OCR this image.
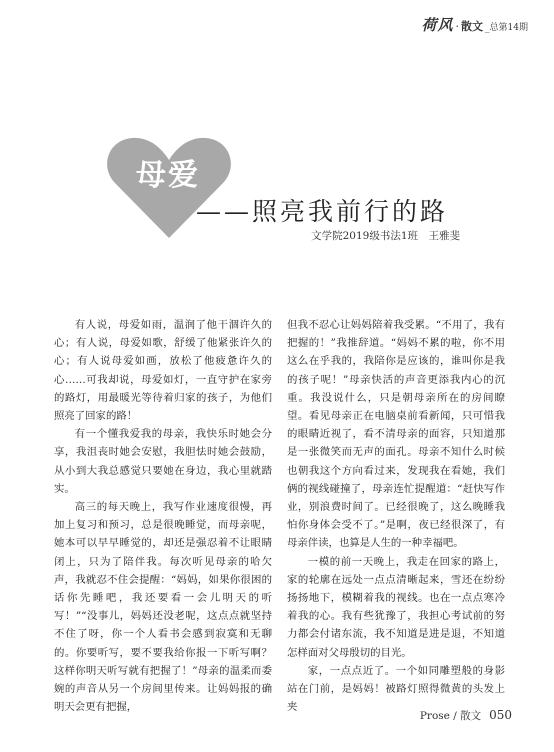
荷风 · 散文 _总第14期
母爱
——照亮我前行的路
文学院2019级书法1班　王雅斐

有人说，母爱如雨，温润了他干涸许久的心；有人说，母爱如歌，舒缓了他紧张许久的心；有人说母爱如画，放松了他疲惫许久的心……可我却说，母爱如灯，一直守护在家旁的路灯，用最暖光等待着归家的孩子，为他们照亮了回家的路！

有一个懂我爱我的母亲，我快乐时她会分享，我沮丧时她会安慰，我胆怯时她会鼓励，从小到大我总感觉只要她在身边，我心里就踏实。

高三的每天晚上，我写作业速度很慢，再加上复习和预习，总是很晚睡觉，而母亲呢，她本可以早早睡觉的，却还是强忍着不让眼睛闭上，只为了陪伴我。每次听见母亲的哈欠声，我就忍不住会提醒：“妈妈，如果你很困的话你先睡吧，我还要看一会儿明天的听写！”“没事儿，妈妈还没老呢，这点点就坚持不住了呀，你一个人看书会感到寂寞和无聊的。你要听写，要不要我给你报一下听写啊？这样你明天听写就有把握了！”母亲的温柔而委婉的声音从另一个房间里传来。让妈妈报的确明天会更有把握，

但我不忍心让妈妈陪着我受累。“不用了，我有把握的！”我推辞道。“妈妈不累的啦，你不用这么在乎我的，我陪你是应该的，谁叫你是我的孩子呢！”母亲快活的声音更添我内心的沉重。我没说什么，只是朝母亲所在的房间瞭望。看见母亲正在电脑桌前看新闻，只可惜我的眼睛近视了，看不清母亲的面容，只知道那是一张微笑而无声的面孔。母亲不知什么时候也朝我这个方向看过来，发现我在看她，我们俩的视线碰撞了，母亲连忙提醒道：“赶快写作业，别浪费时间了。已经很晚了，这么晚睡我怕你身体会受不了。”是啊，夜已经很深了，有母亲伴读，也算是人生的一种幸福吧。

一模的前一天晚上，我走在回家的路上，家的轮廓在远处一点点清晰起来，雪还在纷纷扬扬地下，模糊着我的视线。也在一点点寒冷着我的心。我有些犹豫了，我担心考试前的努力都会付诸东流，我不知道是进是退，不知道怎样面对父母殷切的目光。

家，一点点近了。一个如同雕塑般的身影站在门前，是妈妈！被路灯照得微黄的头发上夹

Prose / 散文 050
